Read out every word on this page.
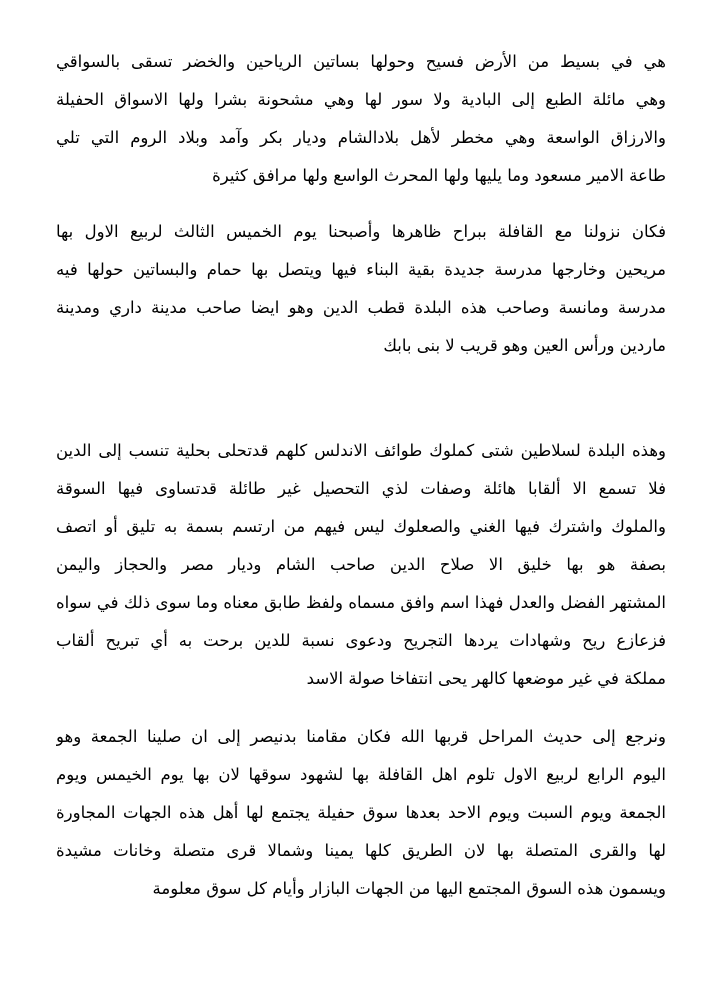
هي في بسيط من الأرض فسيح وحولها بساتين الرياحين والخضر تسقى بالسواقي
وهي مائلة الطبع إلى البادية ولا سور لها وهي مشحونة بشرا ولها الاسواق الحفيلة
والارزاق الواسعة وهي مخطر لأهل بلادالشام وديار بكر وآمد وبلاد الروم التي تلي
طاعة الامير مسعود وما يليها ولها المحرث الواسع ولها مرافق كثيرة
فكان نزولنا مع القافلة ببراح ظاهرها وأصبحنا يوم الخميس الثالث لربيع الاول بها
مريحين وخارجها مدرسة جديدة بقية البناء فيها ويتصل بها حمام والبساتين حولها فيه
مدرسة ومانسة وصاحب هذه البلدة قطب الدين وهو ايضا صاحب مدينة داري ومدينة
ماردين ورأس العين وهو قريب لا بنى بابك
وهذه البلدة لسلاطين شتى كملوك طوائف الاندلس كلهم قدتحلى بحلية تنسب إلى الدين
فلا تسمع الا ألقابا هائلة وصفات لذي التحصيل غير طائلة قدتساوى فيها السوقة
والملوك واشترك فيها الغني والصعلوك ليس فيهم من ارتسم بسمة به تليق أو اتصف
بصفة هو بها خليق الا صلاح الدين صاحب الشام وديار مصر والحجاز واليمن
المشتهر الفضل والعدل فهذا اسم وافق مسماه ولفظ طابق معناه وما سوى ذلك في سواه
فزعازع ريح وشهادات يردها التجريح ودعوى نسبة للدين برحت به أي تبريح ألقاب
مملكة في غير موضعها كالهر يحى انتفاخا صولة الاسد
ونرجع إلى حديث المراحل قربها الله فكان مقامنا بدنيصر إلى ان صلينا الجمعة وهو
اليوم الرابع لربيع الاول تلوم اهل القافلة بها لشهود سوقها لان بها يوم الخيمس ويوم
الجمعة ويوم السبت ويوم الاحد بعدها سوق حفيلة يجتمع لها أهل هذه الجهات المجاورة
لها والقرى المتصلة بها لان الطريق كلها يمينا وشمالا قرى متصلة وخانات مشيدة
ويسمون هذه السوق المجتمع اليها من الجهات البازار وأيام كل سوق معلومة
